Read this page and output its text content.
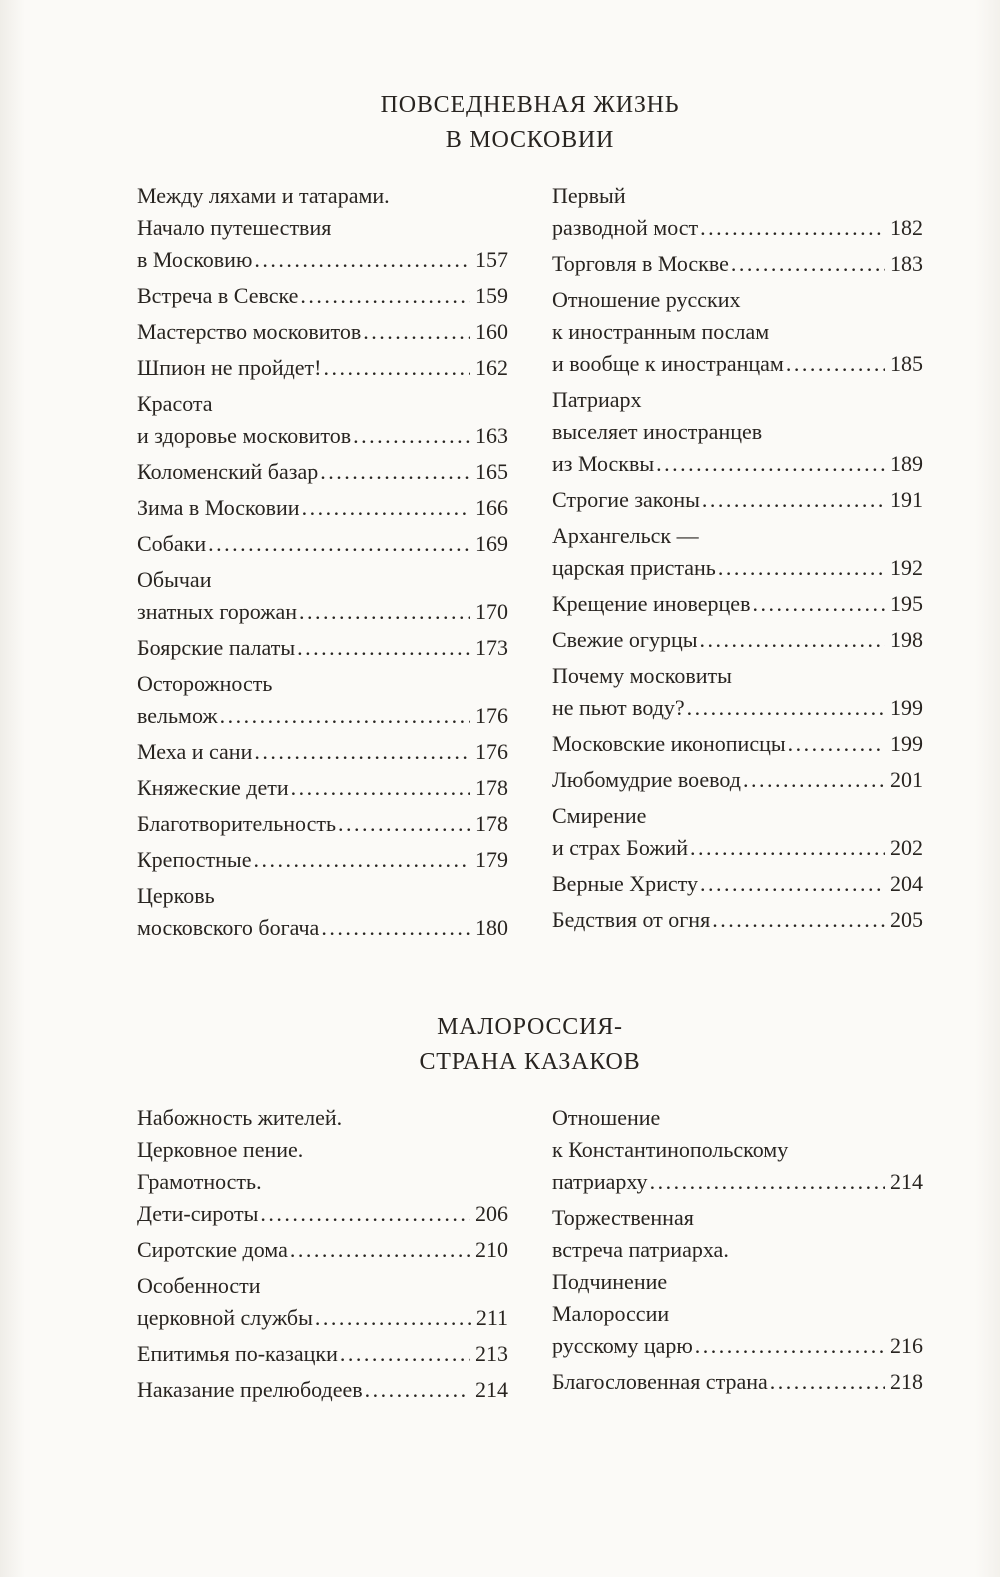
ПОВСЕДНЕВНАЯ ЖИЗНЬ
В МОСКОВИИ
Между ляхами и татарами.
Начало путешествия
в Московию .....	157
Встреча в Севске .....	159
Мастерство московитов .....	160
Шпион не пройдет! .....	162
Красота
и здоровье московитов .....	163
Коломенский базар .....	165
Зима в Московии .....	166
Собаки .....	169
Обычаи
знатных горожан .....	170
Боярские палаты .....	173
Осторожность
вельмож .....	176
Меха и сани .....	176
Княжеские дети .....	178
Благотворительность .....	178
Крепостные .....	179
Церковь
московского богача .....	180
Первый
разводной мост .....	182
Торговля в Москве .....	183
Отношение русских
к иностранным послам
и вообще к иностранцам .....	185
Патриарх
выселяет иностранцев
из Москвы .....	189
Строгие законы .....	191
Архангельск —
царская пристань .....	192
Крещение иноверцев .....	195
Свежие огурцы .....	198
Почему московиты
не пьют воду? .....	199
Московские иконописцы .....	199
Любомудрие воевод .....	201
Смирение
и страх Божий .....	202
Верные Христу .....	204
Бедствия от огня .....	205
МАЛОРОССИЯ-
СТРАНА КАЗАКОВ
Набожность жителей.
Церковное пение.
Грамотность.
Дети-сироты .....	206
Сиротские дома .....	210
Особенности
церковной службы .....	211
Епитимья по-казацки .....	213
Наказание прелюбодеев .....	214
Отношение
к Константинопольскому
патриарху .....	214
Торжественная
встреча патриарха.
Подчинение
Малороссии
русскому царю .....	216
Благословенная страна .....	218
